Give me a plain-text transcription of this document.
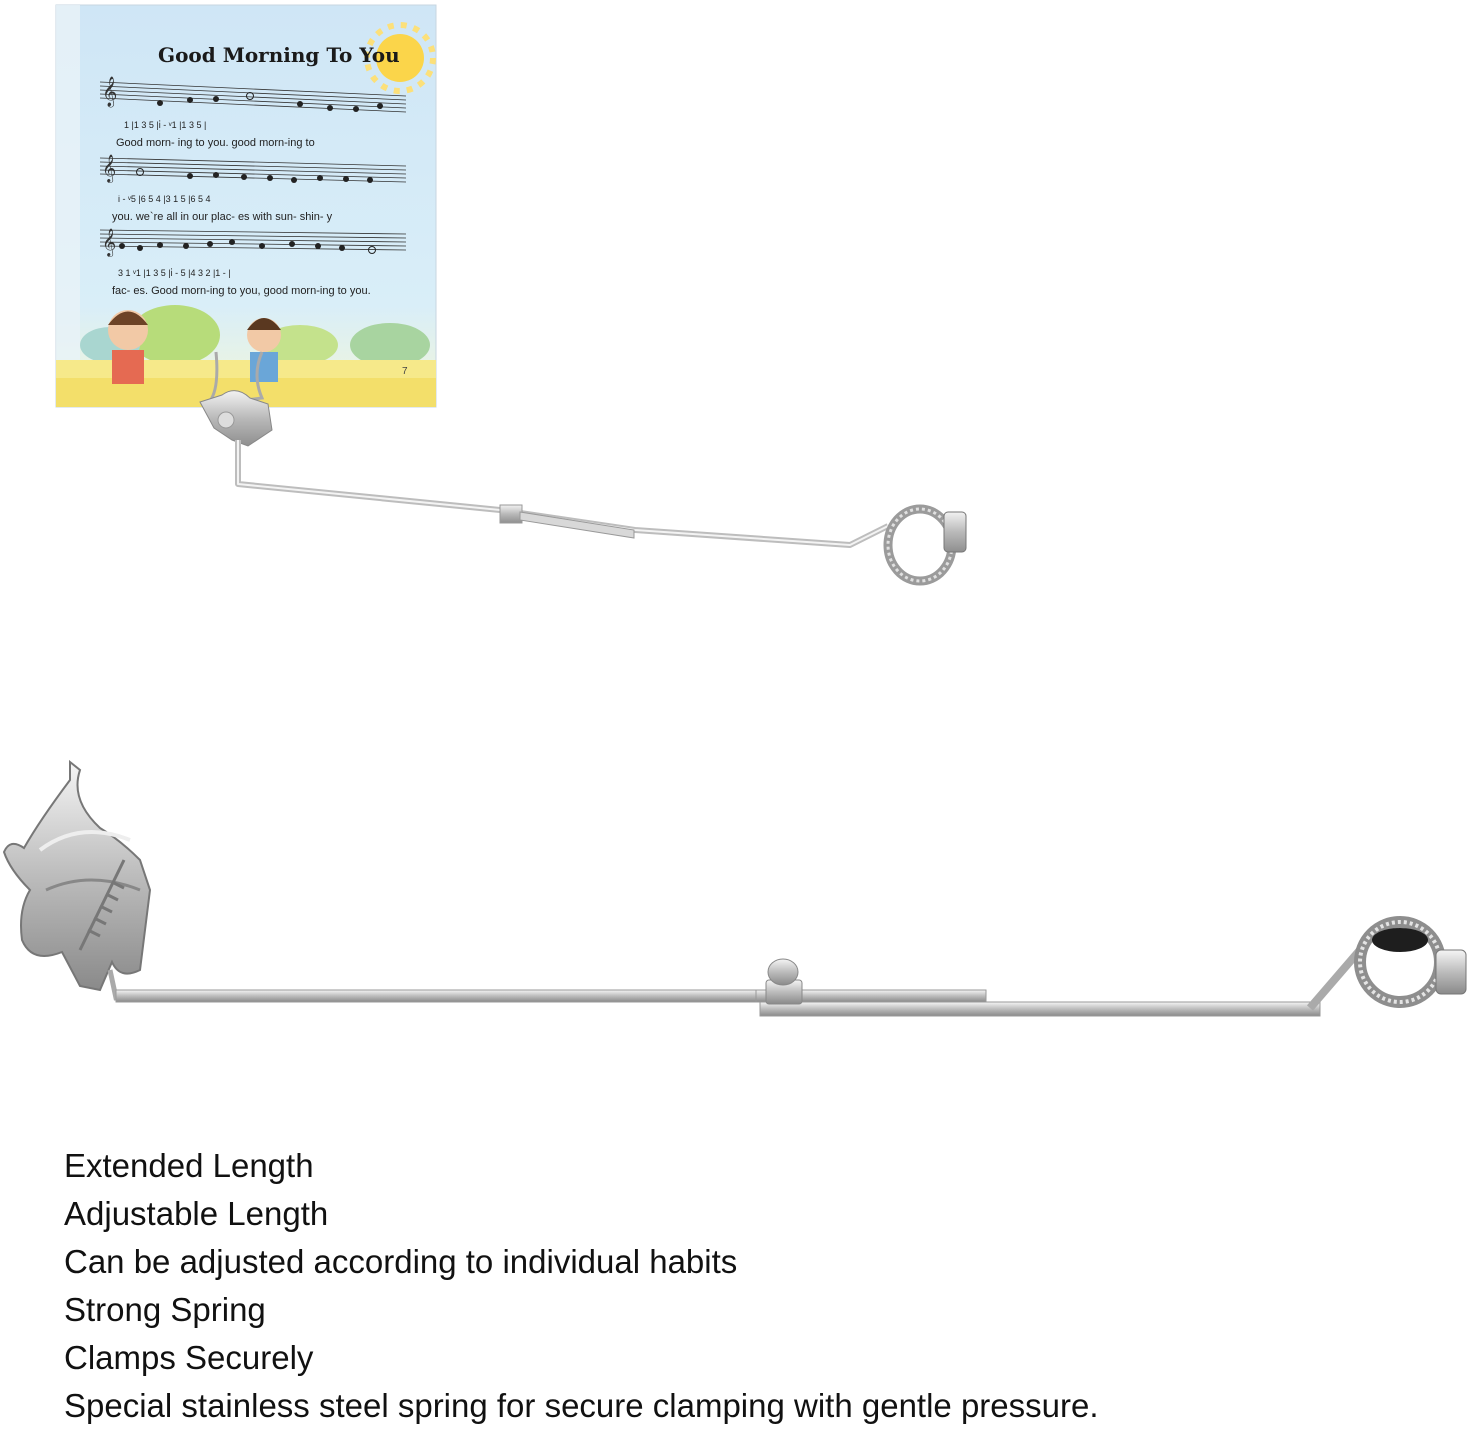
Good Morning To You
𝄞
1 |1 3 5 |i̇ - ᵛ1 |1 3 5 |
Good morn- ing to you. good morn-ing to
𝄞
i - ᵛ5 |6 5 4 |3 1 5 |6 5 4
you. we`re all in our plac- es with sun- shin- y
𝄞
3 1 ᵛ1 |1 3 5 |i̇ - 5 |4 3 2 |1 - |
fac- es. Good morn-ing to you, good morn-ing to you.
7
Extended Length
Adjustable Length
Can be adjusted according to individual habits
Strong Spring
Clamps Securely
Special stainless steel spring for secure clamping with gentle pressure.
